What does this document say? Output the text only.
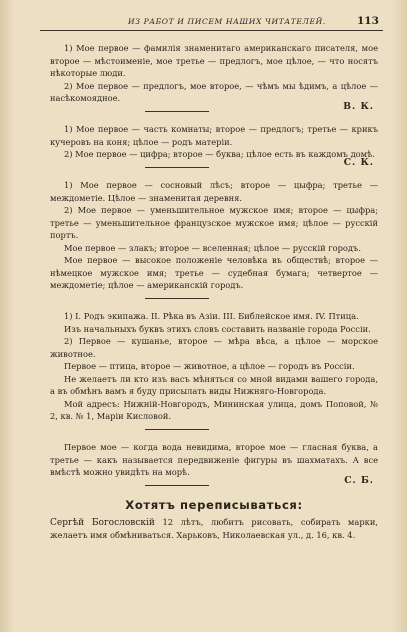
ИЗ РАБОТ И ПИСЕМ НАШИХ ЧИТАТЕЛЕЙ.	113

1) Мое первое — фамилія знаменитаго американскаго писателя, мое второе — мѣстоименіе, мое третье — предлогъ, мое цѣлое, — что носятъ нѣкоторые люди.

2) Мое первое — предлогъ, мое второе, — чѣмъ мы ѣдимъ, а цѣлое — насѣкомоядное.

В. К.

1) Мое первое — часть комнаты; второе — предлогъ; третье — крикъ кучеровъ на коня; цѣлое — родъ матеріи.

2) Мое первое — цифра; второе — буква; цѣлое есть въ каждомъ домѣ.

С. К.

1) Мое первое — сосновый лѣсъ; второе — цыфра; третье — междометіе. Цѣлое — знаменитая деревня.

2) Мое первое — уменьшительное мужское имя; второе — цыфра; третье — уменьшительное французское мужское имя; цѣлое — русскій портъ.

Мое первое — злакъ; второе — вселенная; цѣлое — русскій городъ.

Мое первое — высокое положеніе человѣка въ обществѣ; второе — нѣмецкое мужское имя; третье — судебная бумага; четвертое — междометіе; цѣлое — американскій городъ.

1) I. Родъ экипажа. II. Рѣка въ Азіи. III. Библейское имя. IV. Птица.

Изъ начальныхъ буквъ этихъ словъ составить названіе города Россіи.

2) Первое — кушанье, второе — мѣра вѣса, а цѣлое — морское животное.

Первое — птица, второе — животное, а цѣлое — городъ въ Россіи.

Не желаетъ ли кто изъ васъ мѣняться со мной видами вашего города, а въ обмѣнъ вамъ я буду присылать виды Нижняго-Новгорода.

Мой адресъ: Нижній-Новгородъ, Мининская улица, домъ Поповой, № 2, кв. № 1, Маріи Кисловой.

Первое мое — когда вода невидима, второе мое — гласная буква, а третье — какъ называется передвиженіе фигуры въ шахматахъ. А все вмѣстѣ можно увидѣть на морѣ.

С. Б.
Хотятъ переписываться:

Сергѣй Богословскій 12 лѣтъ, любитъ рисовать, собирать марки, желаетъ имя обмѣниваться. Харьковъ, Николаевская ул., д. 16, кв. 4.
